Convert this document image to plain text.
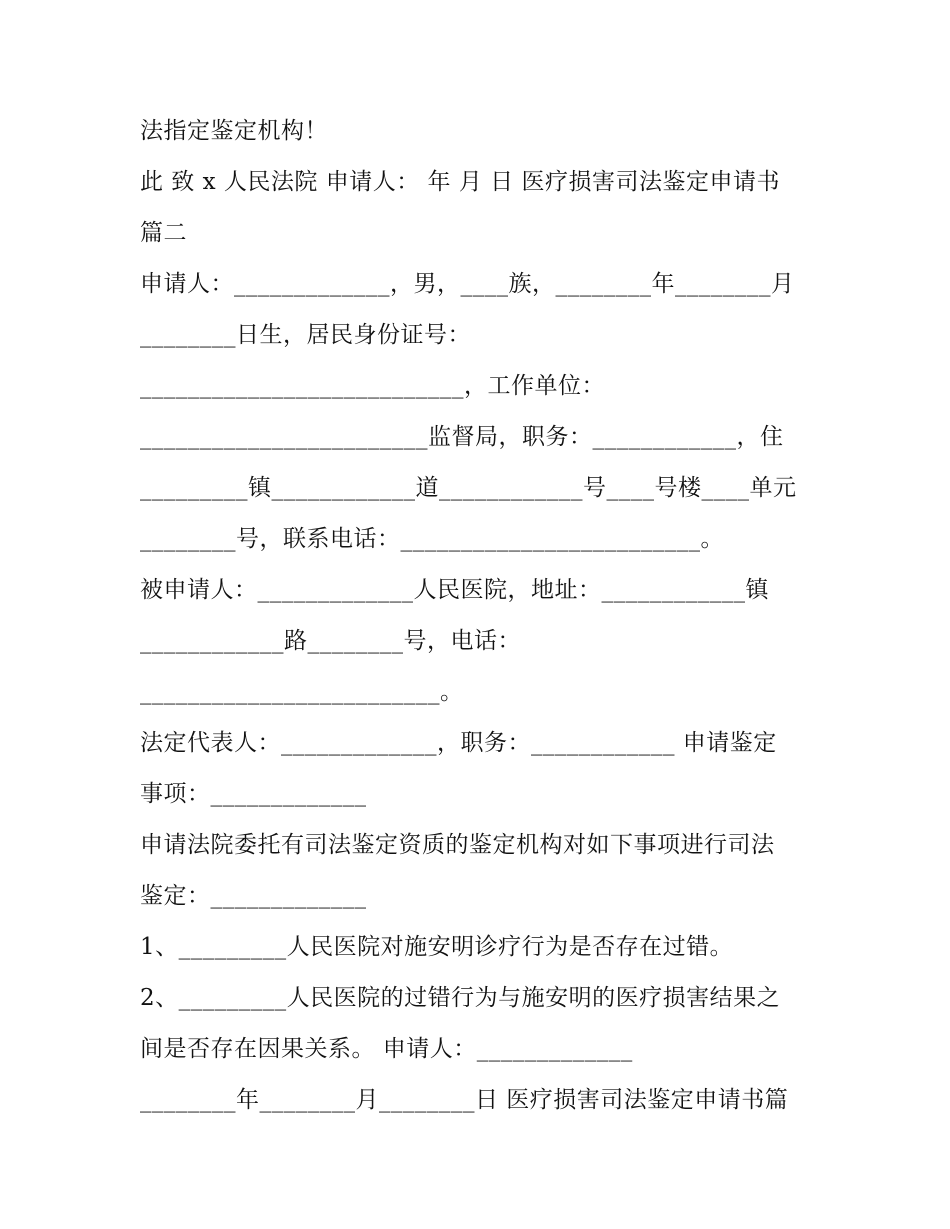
法指定鉴定机构！
此 致 x 人民法院 申请人： 年 月 日 医疗损害司法鉴定申请书
篇二
申请人：_____________，男，____族，________年________月
________日生，居民身份证号：
___________________________，工作单位：
________________________监督局，职务：____________，住
_________镇____________道____________号____号楼____单元
________号，联系电话：_________________________。
被申请人：_____________人民医院，地址：____________镇
____________路________号，电话：
_________________________。
法定代表人：_____________，职务：____________ 申请鉴定
事项：_____________
申请法院委托有司法鉴定资质的鉴定机构对如下事项进行司法
鉴定：_____________
1、_________人民医院对施安明诊疗行为是否存在过错。
2、_________人民医院的过错行为与施安明的医疗损害结果之
间是否存在因果关系。 申请人：_____________
________年________月________日 医疗损害司法鉴定申请书篇
